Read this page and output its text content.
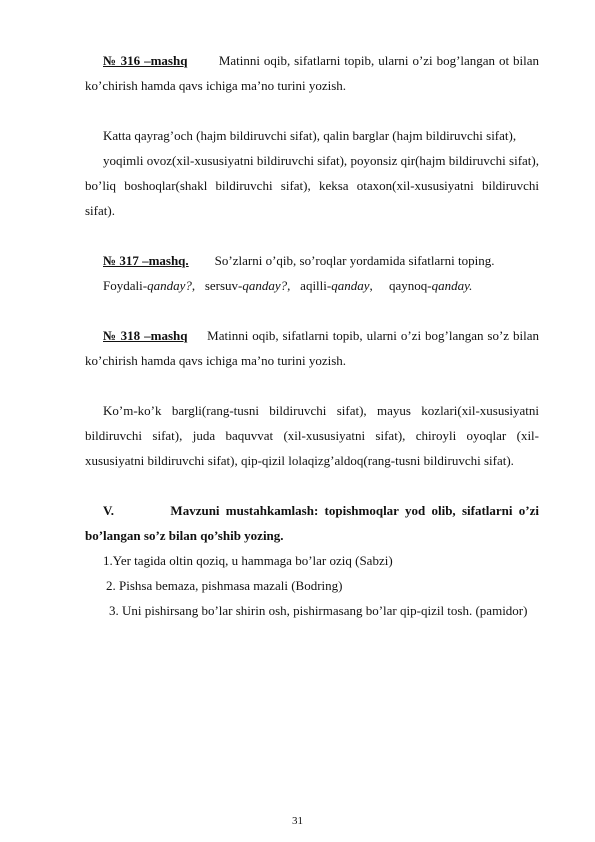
№ 316 –mashq Matinni oqib, sifatlarni topib, ularni o’zi bog’langan ot bilan ko’chirish hamda qavs ichiga ma’no turini yozish.

Katta qayrag’och (hajm bildiruvchi sifat), qalin barglar (hajm bildiruvchi sifat),

yoqimli ovoz(xil-xususiyatni bildiruvchi sifat), poyonsiz qir(hajm bildiruvchi sifat), bo’liq boshoqlar(shakl bildiruvchi sifat), keksa otaxon(xil-xususiyatni bildiruvchi sifat).

№ 317 –mashq. So’zlarni o’qib, so’roqlar yordamida sifatlarni toping.

Foydali-qanday?,   sersuv-qanday?,   aqilli-qanday,     qaynoq-qanday.

№ 318 –mashq Matinni oqib, sifatlarni topib, ularni o’zi bog’langan so’z bilan ko’chirish hamda qavs ichiga ma’no turini yozish.

Ko’m-ko’k bargli(rang-tusni bildiruvchi sifat), mayus kozlari(xil-xususiyatni bildiruvchi sifat), juda baquvvat (xil-xususiyatni sifat), chiroyli oyoqlar (xil-xususiyatni bildiruvchi sifat), qip-qizil lolaqizg’aldoq(rang-tusni bildiruvchi sifat).

V.	Mavzuni mustahkamlash: topishmoqlar yod olib, sifatlarni o’zi bo’langan so’z bilan qo’shib yozing.

1.Yer tagida oltin qoziq, u hammaga bo’lar oziq (Sabzi)

2. Pishsa bemaza, pishmasa mazali (Bodring)

3. Uni pishirsang bo’lar shirin osh, pishirmasang bo’lar qip-qizil tosh. (pamidor)

31
